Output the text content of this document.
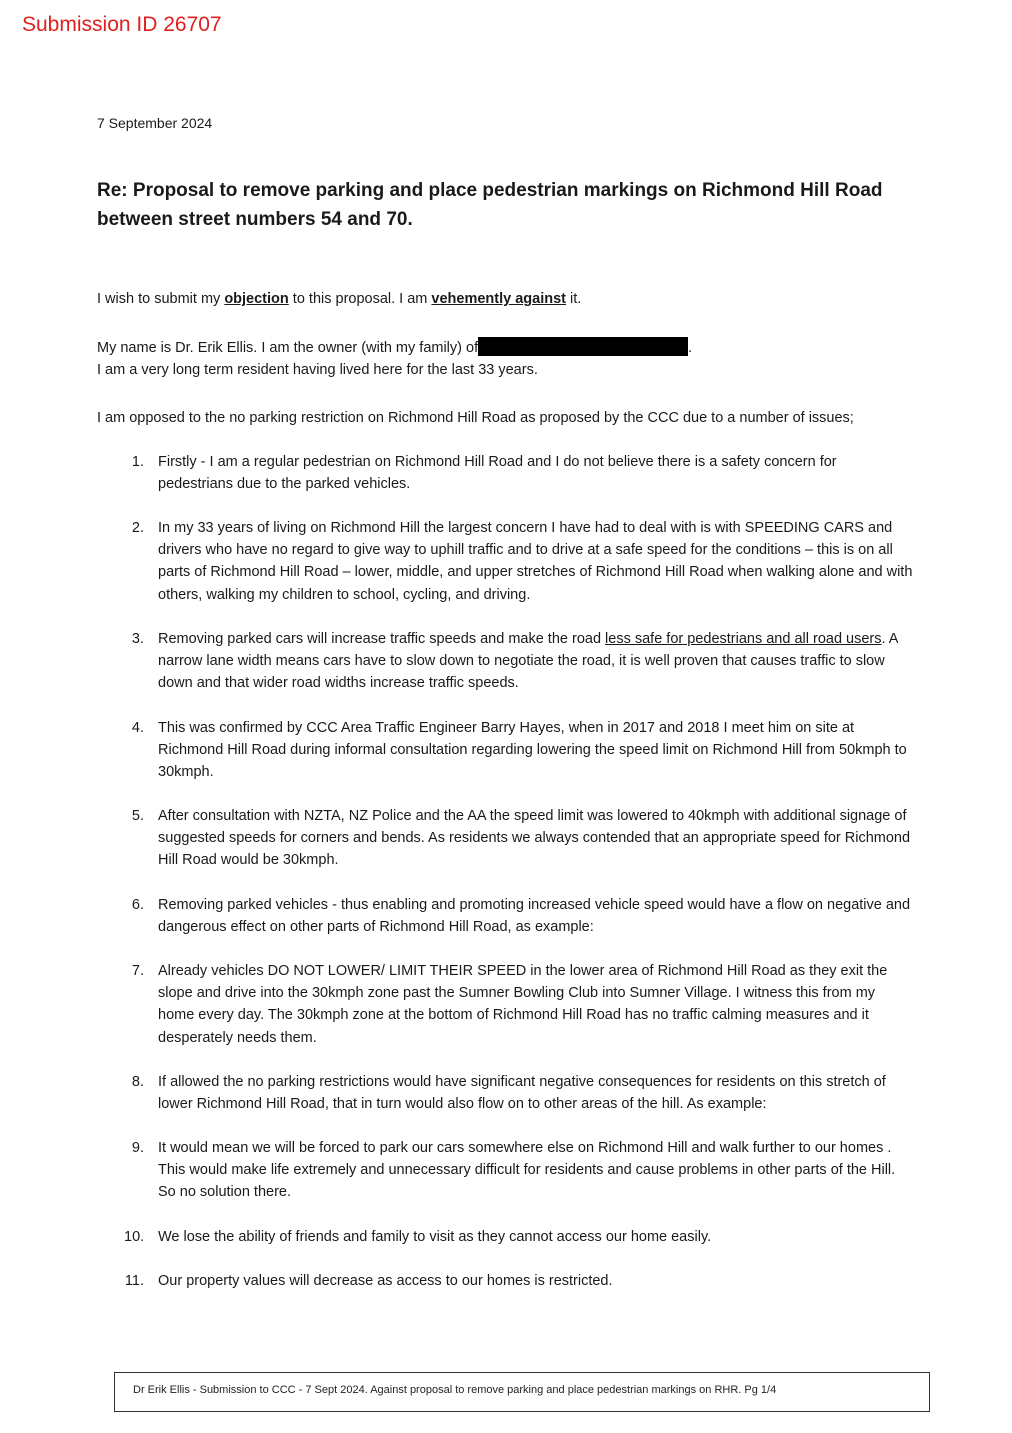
Submission ID 26707
7 September 2024
Re: Proposal to remove parking and place pedestrian markings on Richmond Hill Road between street numbers 54 and 70.
I wish to submit my objection to this proposal. I am vehemently against it.
My name is Dr. Erik Ellis. I am the owner (with my family) of	.
I am a very long term resident having lived here for the last 33 years.
I am opposed to the no parking restriction on Richmond Hill Road as proposed by the CCC due to a number of issues;
1. Firstly - I am a regular pedestrian on Richmond Hill Road and I do not believe there is a safety concern for pedestrians due to the parked vehicles.
2. In my 33 years of living on Richmond Hill the largest concern I have had to deal with is with SPEEDING CARS and drivers who have no regard to give way to uphill traffic and to drive at a safe speed for the conditions – this is on all parts of Richmond Hill Road – lower, middle, and upper stretches of Richmond Hill Road when walking alone and with others, walking my children to school, cycling, and driving.
3. Removing parked cars will increase traffic speeds and make the road less safe for pedestrians and all road users. A narrow lane width means cars have to slow down to negotiate the road, it is well proven that causes traffic to slow down and that wider road widths increase traffic speeds.
4. This was confirmed by CCC Area Traffic Engineer Barry Hayes, when in 2017 and 2018 I meet him on site at Richmond Hill Road during informal consultation regarding lowering the speed limit on Richmond Hill from 50kmph to 30kmph.
5. After consultation with NZTA, NZ Police and the AA the speed limit was lowered to 40kmph with additional signage of suggested speeds for corners and bends. As residents we always contended that an appropriate speed for Richmond Hill Road would be 30kmph.
6. Removing parked vehicles - thus enabling and promoting increased vehicle speed would have a flow on negative and dangerous effect on other parts of Richmond Hill Road, as example:
7. Already vehicles DO NOT LOWER/ LIMIT THEIR SPEED in the lower area of Richmond Hill Road as they exit the slope and drive into the 30kmph zone past the Sumner Bowling Club into Sumner Village. I witness this from my home every day. The 30kmph zone at the bottom of Richmond Hill Road has no traffic calming measures and it desperately needs them.
8. If allowed the no parking restrictions would have significant negative consequences for residents on this stretch of lower Richmond Hill Road, that in turn would also flow on to other areas of the hill. As example:
9. It would mean we will be forced to park our cars somewhere else on Richmond Hill and walk further to our homes . This would make life extremely and unnecessary difficult for residents and cause problems in other parts of the Hill. So no solution there.
10. We lose the ability of friends and family to visit as they cannot access our home easily.
11. Our property values will decrease as access to our homes is restricted.
Dr Erik Ellis - Submission to CCC - 7 Sept 2024. Against proposal to remove parking and place pedestrian markings on RHR. Pg 1/4
